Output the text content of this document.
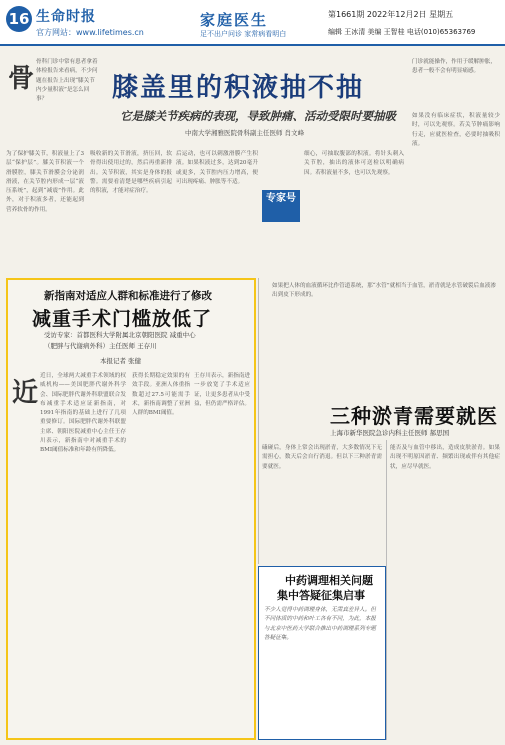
16 生命时报
官方网站：www.lifetimes.cn
家庭医生
足不出户问诊 家常病看明白
第1661期 2022年12月2日 星期五
编辑 王冰清 美编 王智桂 电话(010)65363769
骨
骨科门诊中常有患者拿着体检报告来看病，不少问题在报告上出现“膝关节内少量积液”是怎么回事？	膝盖里的积液抽不抽
它是膝关节疾病的表现，导致肿痛、活动受限时要抽吸
中南大学湘雅医院骨科副主任医师 肖文峰
门诊就能操作，作用于缓解肿胀，患者一般不会有明显痛感。
专家号
为了保护膝关节，积液量上了3层“保护层”。膝关节积液一个滑膜腔，膝关节滑膜会分泌润滑液，在关节腔内形成一层“液压系统”，起到“减震”作用。此外，对于积液多者，还能起到营养软骨的作用。
吸收新的关节滑液，挤压回，软骨得出使用过的，然后再重新排出。关节积液，其实是身体的报警。需要看清楚是哪些疾病引起的积液，才能对症治疗。
后运动，也可以刺激滑膜产生积液。如果积液过多，达到20毫升或更多，关节腔内压力增高，便可出现疼痛、肿胀等不适。
细心，可抽取腹部的积液。将针头刺入关节腔，抽出的液体可送检以明确病因。若积液量不多，也可以先观察。
如果没有临床症状，积液量较少时，可以先观察。若关节肿痛影响行走，应就医检查，必要时抽吸积液。
新指南对适应人群和标准进行了修改
减重手术门槛放低了
受访专家：首都医科大学附属北京朝阳医院 减重中心
（肥胖与代谢病外科）主任医师 王存川
本报记者 张健
近
近日，全球两大减重手术领域的权威机构——美国肥胖代谢外科学会、国际肥胖代谢外科联盟联合发布减重手术适应证新指南，对1991年指南的基础上进行了几项重要修订。国际肥胖代谢外科联盟主席、朝阳医院减重中心主任王存川表示，新指南中对减重手术的BMI阈值标准和年龄有所降低。
获得长期稳定效果的有效手段。亚洲人体重指数超过27.5可能需手术，新指南调整了亚洲人群的BMI阈值。
王存川表示，新指南进一步放宽了手术适应证，让更多患者从中受益，但仍需严格评估。
如果把人体的血液循环比作管道系统，那“水管”就相当于血管，淤青就是水管破裂后血液渗出到皮下形成的。
三种淤青需要就医
上海市新华医院急诊内科主任医师 郝思国
磕碰后，身体上常会出现淤青，大多数情况下无需担心，数天后会自行消退。但以下三种淤青需要就医。
能否及与血管中移出，造成皮肤淤青。如果出现不明原因淤青、频繁出现或伴有其他症状，应尽早就医。
中药调理相关问题
集中答疑征集启事
不少人觉得中药调理身体，无需真差异人。但不同体质的中药和叶工各有不同，为此，本报与北京中医药大学联合推出中药调理系列专题答疑征集。
